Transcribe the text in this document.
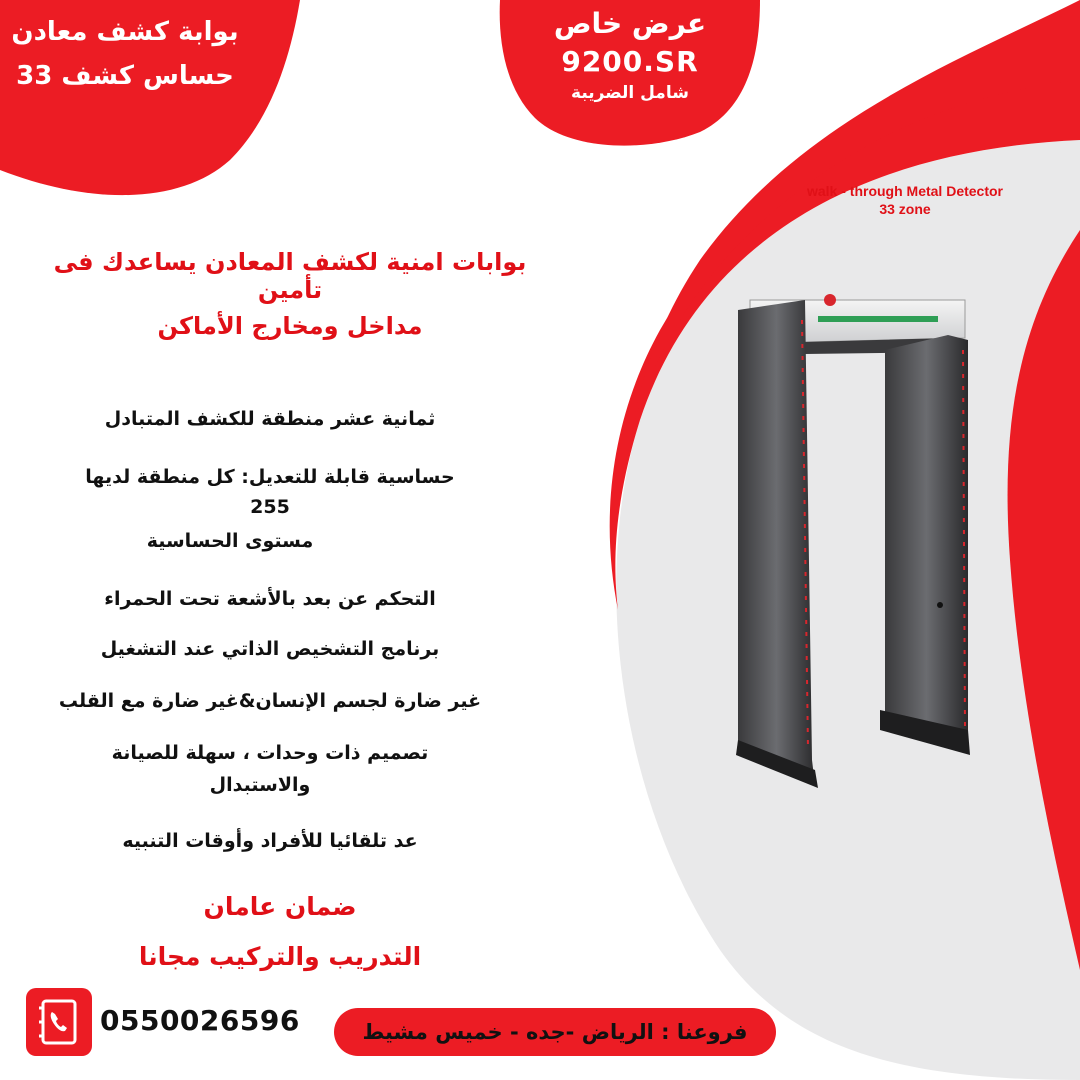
بوابة كشف معادن
حساس كشف 33
عرض خاص
9200.SR
شامل الضريبة
walk - through Metal Detector
33 zone
بوابات امنية لكشف المعادن يساعدك فى تأمين
مداخل ومخارج الأماكن
ثمانية عشر منطقة للكشف المتبادل
حساسية قابلة للتعديل: كل منطقة لديها
255
مستوى الحساسية
التحكم عن بعد بالأشعة تحت الحمراء
برنامج التشخيص الذاتي عند التشغيل
غير ضارة لجسم الإنسان&غير ضارة مع القلب
تصميم ذات وحدات ، سهلة للصيانة
والاستبدال
عد تلقائيا للأفراد وأوقات التنبيه
ضمان عامان
التدريب والتركيب مجانا
0550026596	فروعنا : الرياض -جده - خميس مشيط
